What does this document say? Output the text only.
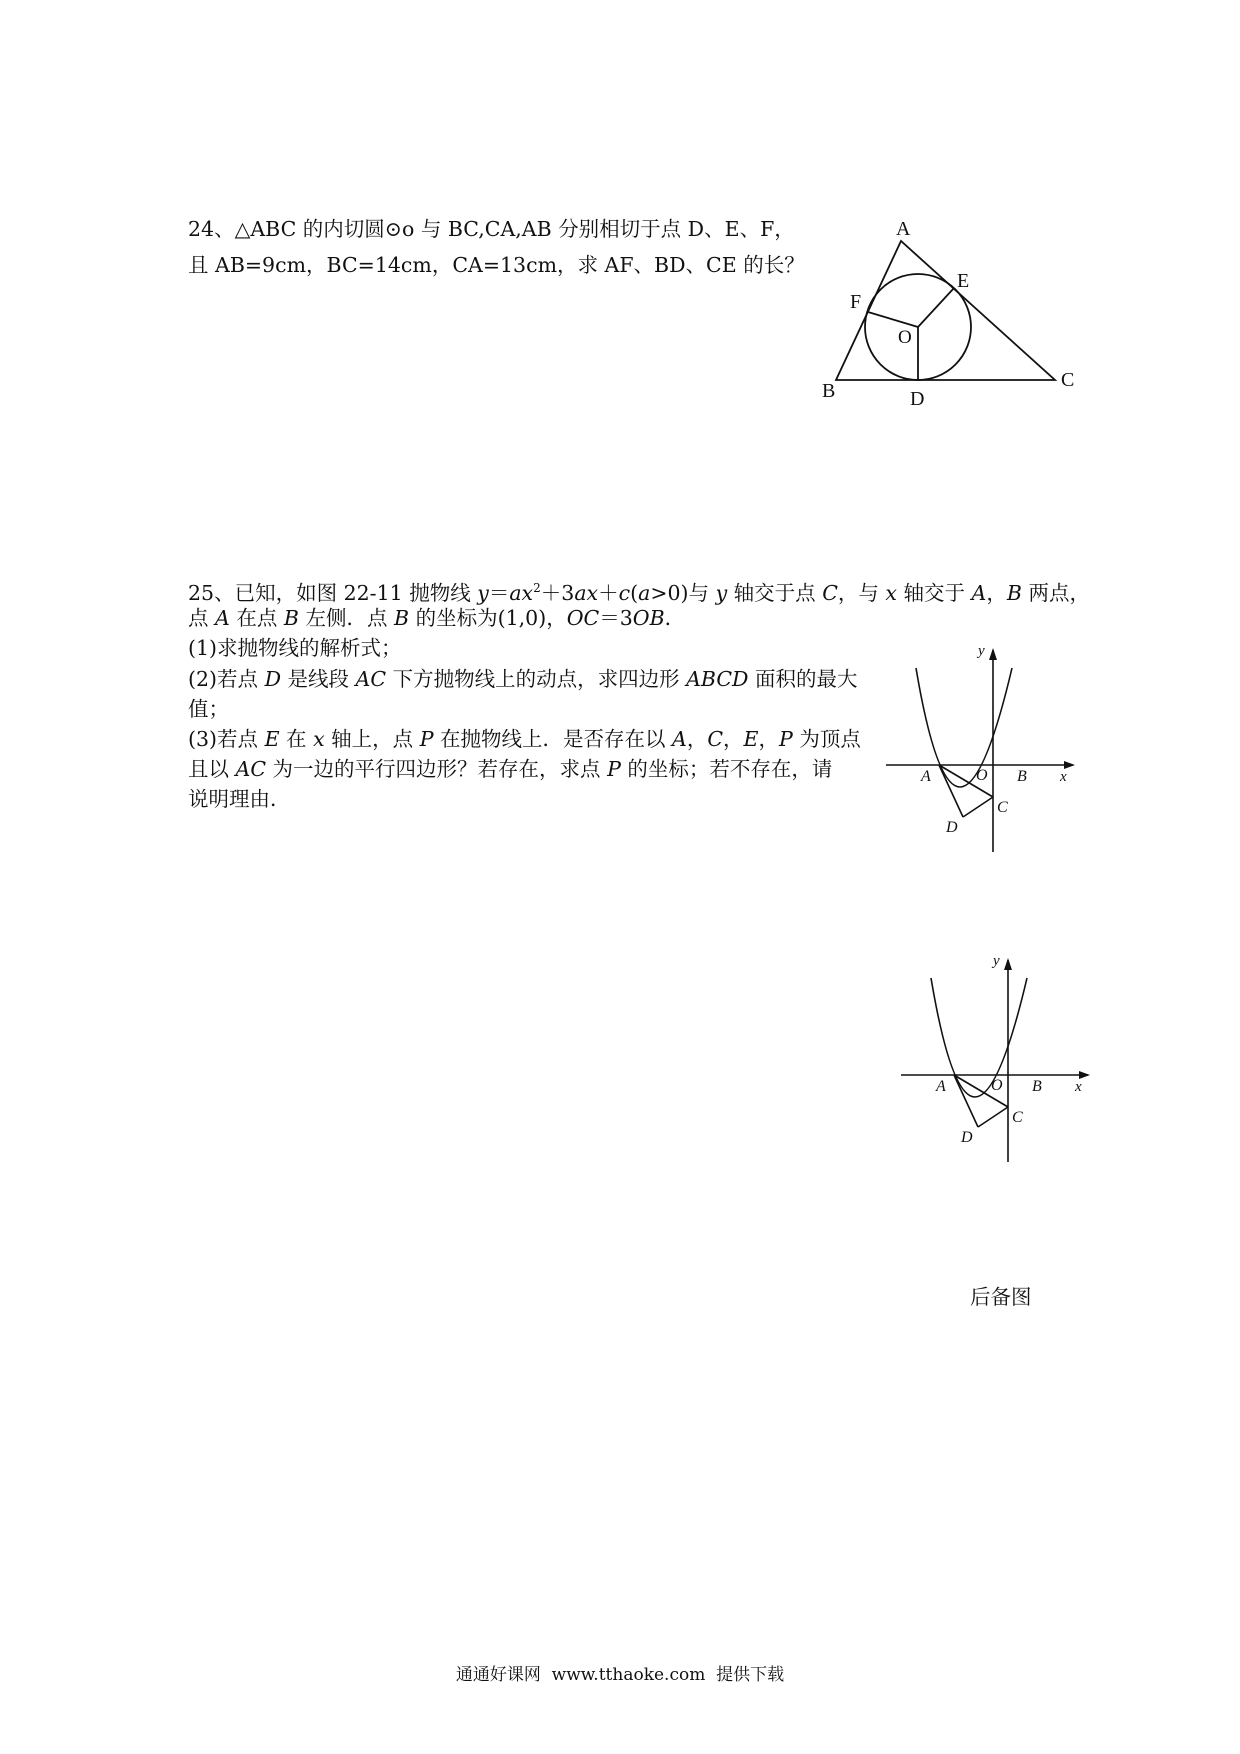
24、△ABC 的内切圆⊙o 与 BC,CA,AB 分别相切于点 D、E、F，
且 AB=9cm，BC=14cm，CA=13cm，求 AF、BD、CE 的长？
A
B	C
D
E
F
O
25、已知，如图 22-11 抛物线 $y=ax^2+3ax+c(a>0)$与 y 轴交于点 C，与 x 轴交于 A，B 两点，
点 A 在点 B 左侧．点 B 的坐标为(1,0)，OC＝3OB．
(1)求抛物线的解析式；
(2)若点 D 是线段 AC 下方抛物线上的动点，求四边形 ABCD 面积的最大
值；
(3)若点 E 在 x 轴上，点 P 在抛物线上．是否存在以 A，C，E，P 为顶点
且以 AC 为一边的平行四边形？若存在，求点 P 的坐标；若不存在，请
说明理由．
y
x
A	O B
C
D
y
x
A	O B
C
D
后备图
通通好课网  www.tthaoke.com  提供下载
